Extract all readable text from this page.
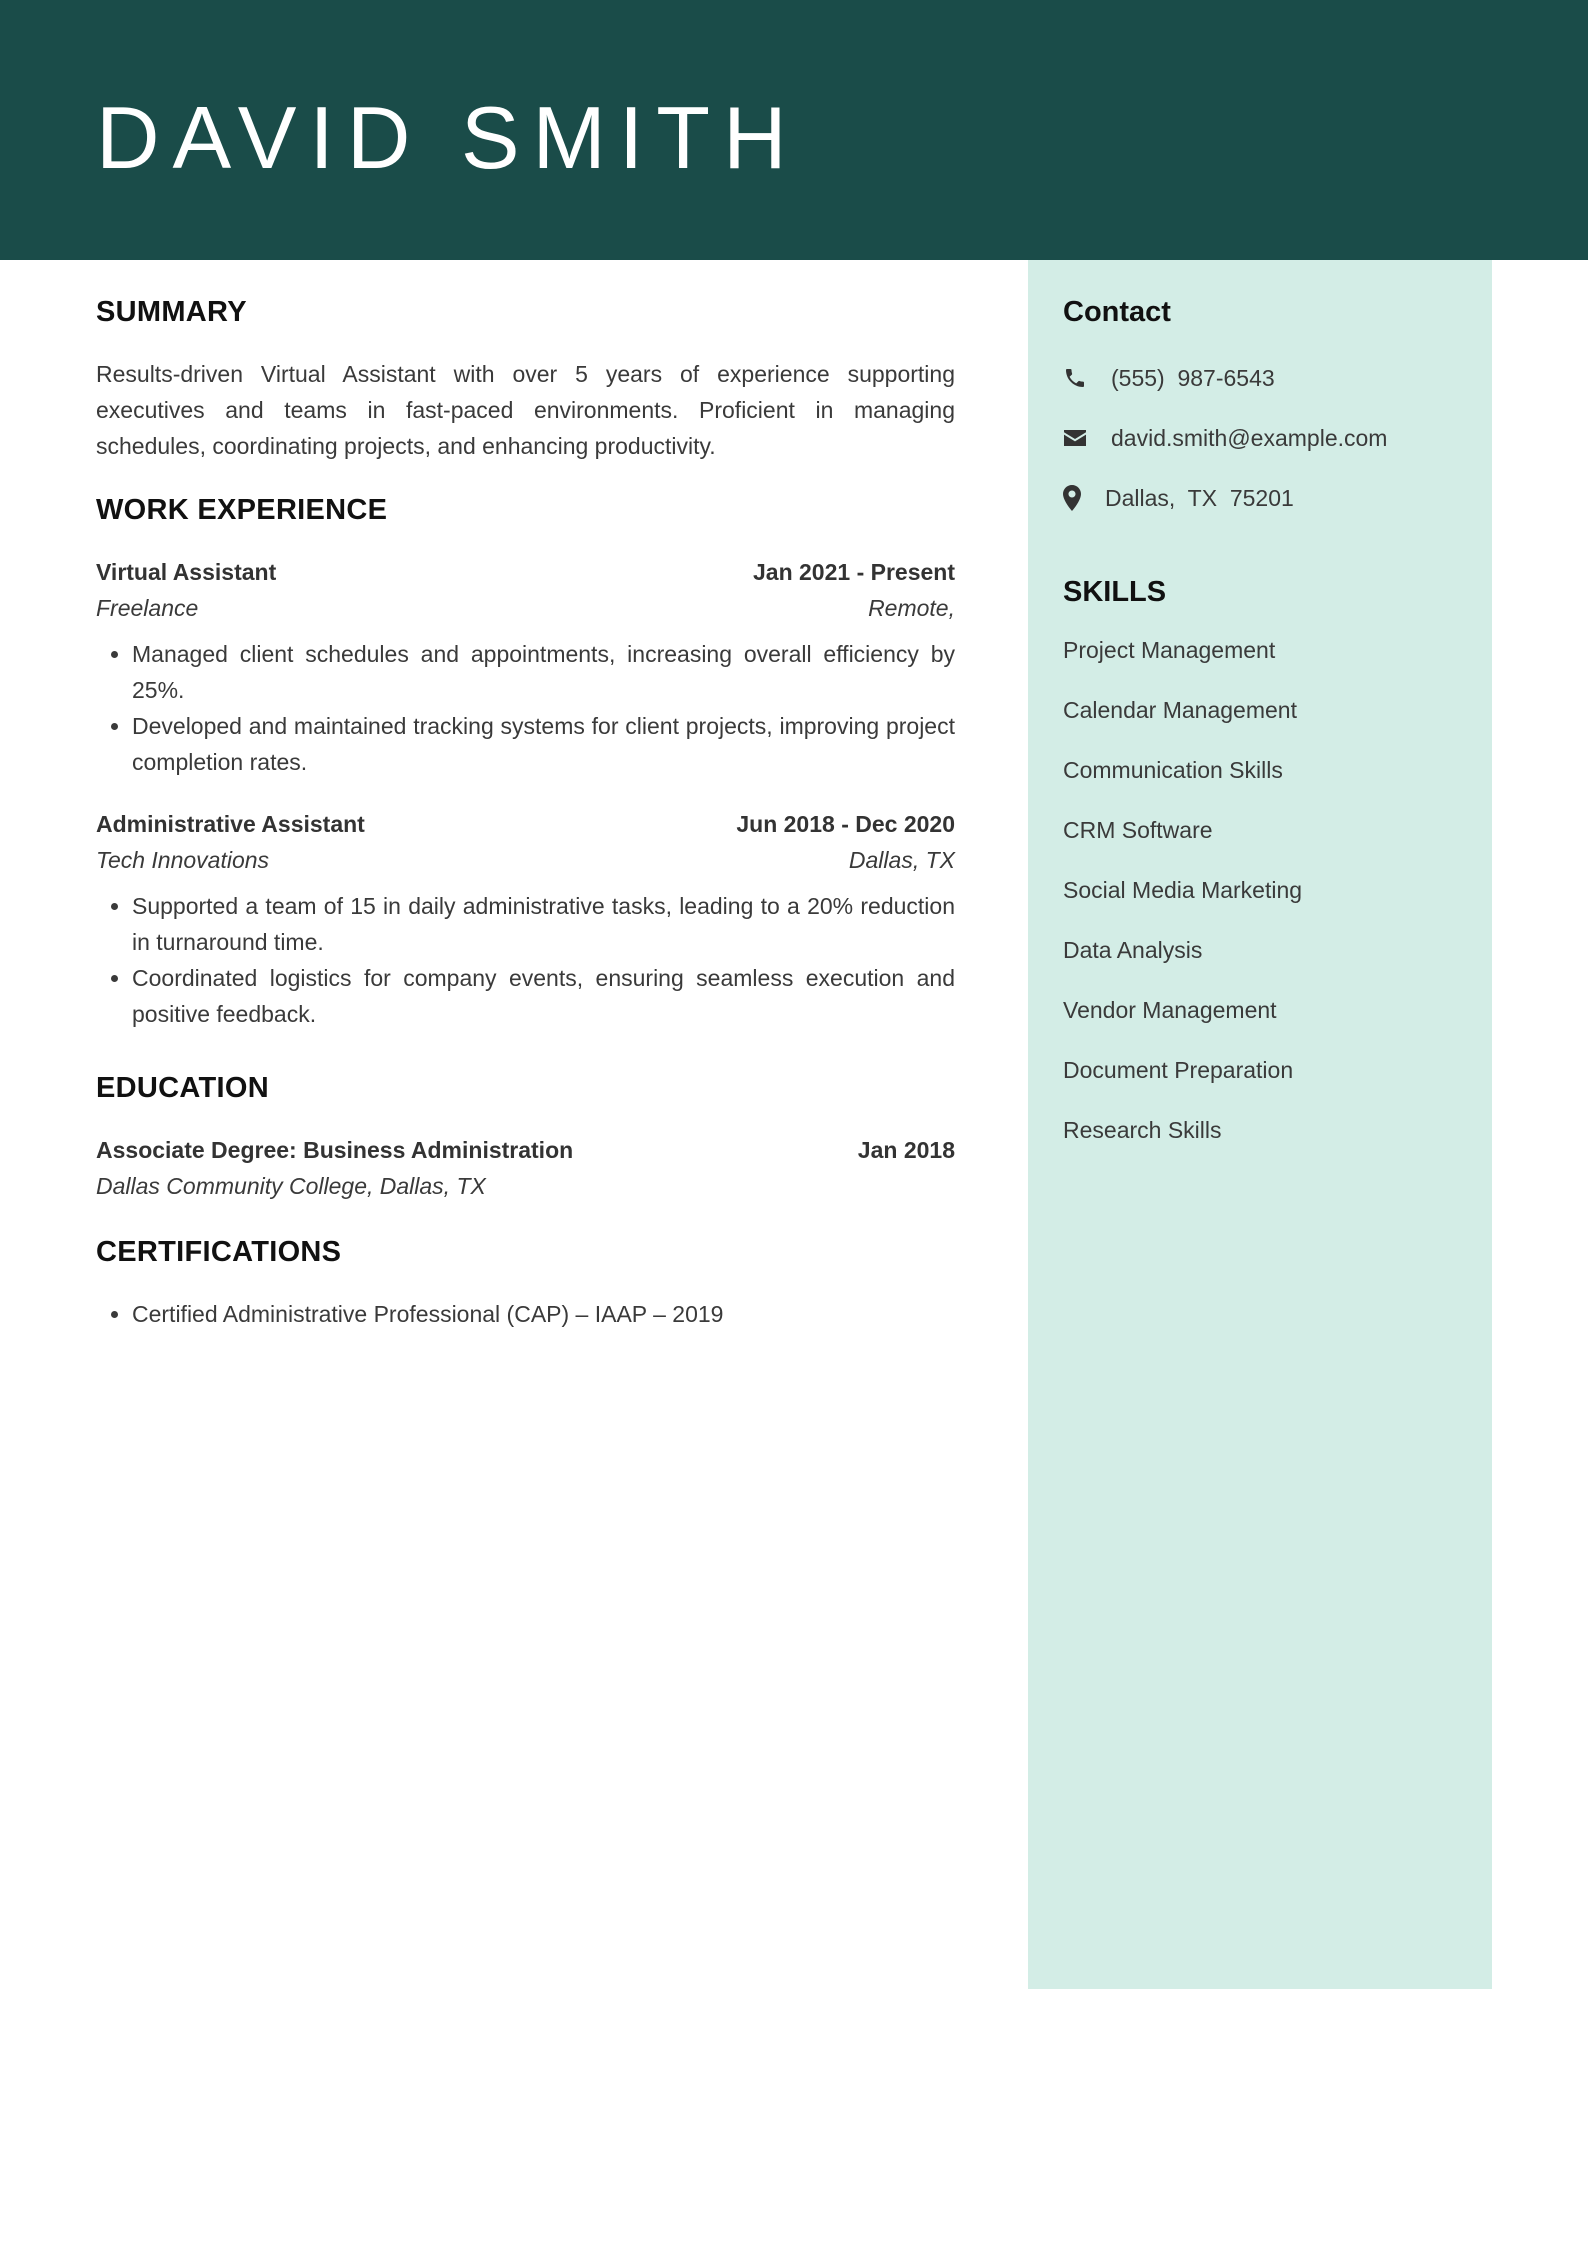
DAVID SMITH
Contact
(555)  987-6543
david.smith@example.com
Dallas,  TX  75201
SKILLS
Project Management
Calendar Management
Communication Skills
CRM Software
Social Media Marketing
Data Analysis
Vendor Management
Document Preparation
Research Skills
SUMMARY

Results-driven Virtual Assistant with over 5 years of experience supporting executives and teams in fast-paced environments. Proficient in managing schedules, coordinating projects, and enhancing productivity.

WORK EXPERIENCE
Virtual Assistant	Jan 2021 - Present
Freelance	Remote,
• Managed client schedules and appointments, increasing overall efficiency by 25%.
• Developed and maintained tracking systems for client projects, improving project completion rates.
Administrative Assistant	Jun 2018 - Dec 2020
Tech Innovations	Dallas, TX
• Supported a team of 15 in daily administrative tasks, leading to a 20% reduction in turnaround time.
• Coordinated logistics for company events, ensuring seamless execution and positive feedback.
EDUCATION
Associate Degree: Business Administration	Jan 2018
Dallas Community College, Dallas, TX
CERTIFICATIONS
• Certified Administrative Professional (CAP) – IAAP – 2019
